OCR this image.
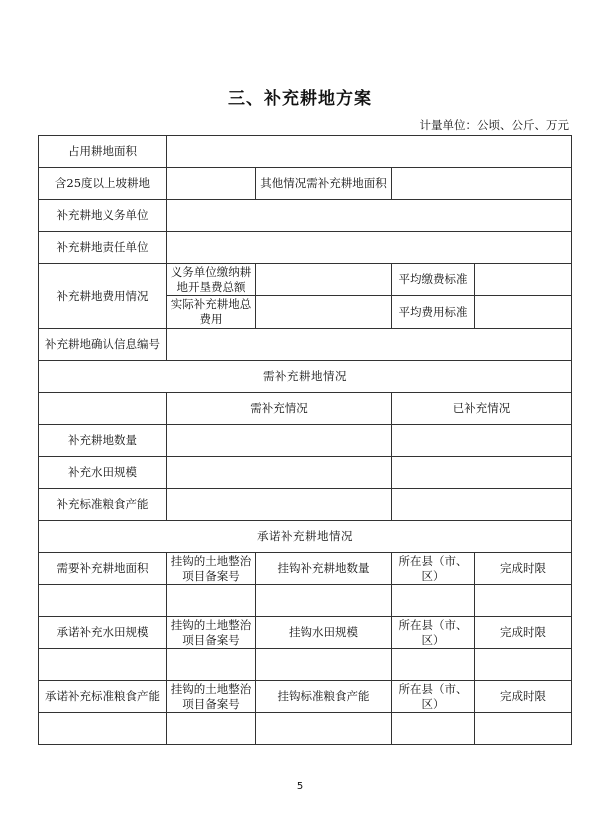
三、补充耕地方案
计量单位：公顷、公斤、万元
占用耕地面积				
含25度以上坡耕地		其他情况需补充耕地面积		
补充耕地义务单位				
补充耕地责任单位				
补充耕地费用情况	义务单位缴纳耕地开垦费总额		平均缴费标准	
	实际补充耕地总费用		平均费用标准	
补充耕地确认信息编号				
需补充耕地情况				
	需补充情况		已补充情况	
补充耕地数量				
补充水田规模				
补充标准粮食产能				
承诺补充耕地情况				
需要补充耕地面积	挂钩的土地整治项目备案号	挂钩补充耕地数量	所在县（市、区）	完成时限

承诺补充水田规模	挂钩的土地整治项目备案号	挂钩水田规模	所在县（市、区）	完成时限

承诺补充标准粮食产能	挂钩的土地整治项目备案号	挂钩标准粮食产能	所在县（市、区）	完成时限

5
